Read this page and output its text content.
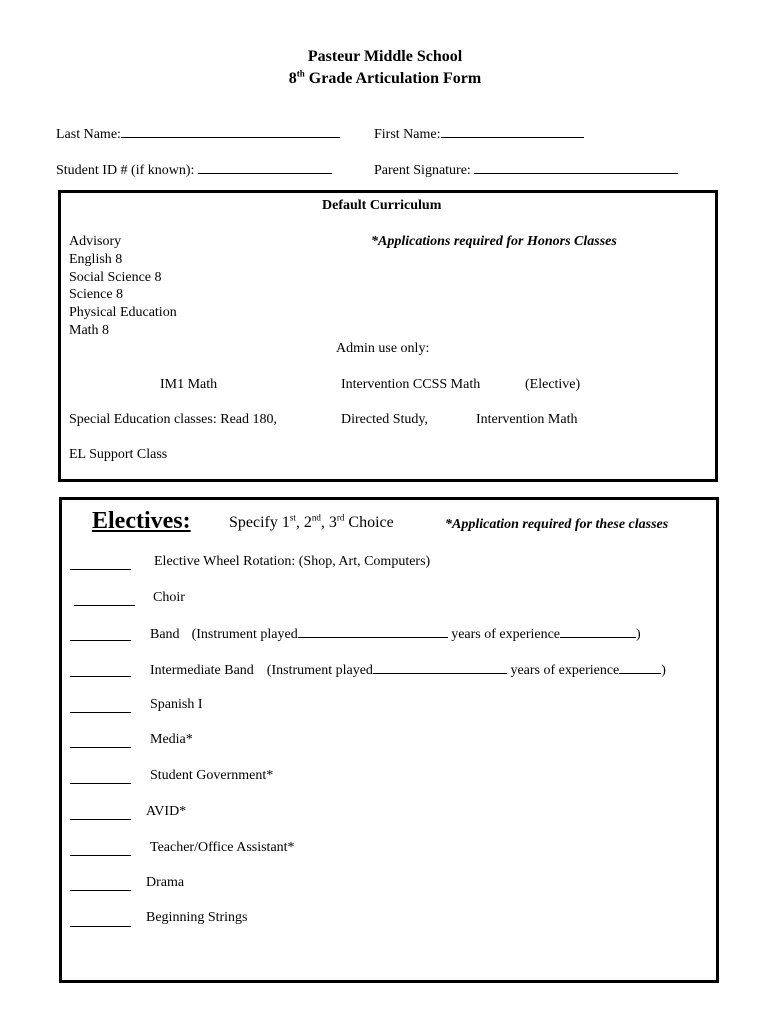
Pasteur Middle School
8th Grade Articulation Form
Last Name:	First Name:
Student ID # (if known):	Parent Signature:
Default Curriculum
*Applications required for Honors Classes
Advisory
English 8
Social Science 8
Science 8
Physical Education
Math 8
Admin use only:
IM1 Math	Intervention CCSS Math	(Elective)
Special Education classes: Read 180,	Directed Study,	Intervention Math
EL Support Class
Electives: Specify 1st, 2nd, 3rd Choice	*Application required for these classes
Elective Wheel Rotation: (Shop, Art, Computers)
Choir
Band (Instrument played	years of experience	)
Intermediate Band (Instrument played	years of experience	)
Spanish I
Media*
Student Government*
AVID*
Teacher/Office Assistant*
Drama
Beginning Strings
